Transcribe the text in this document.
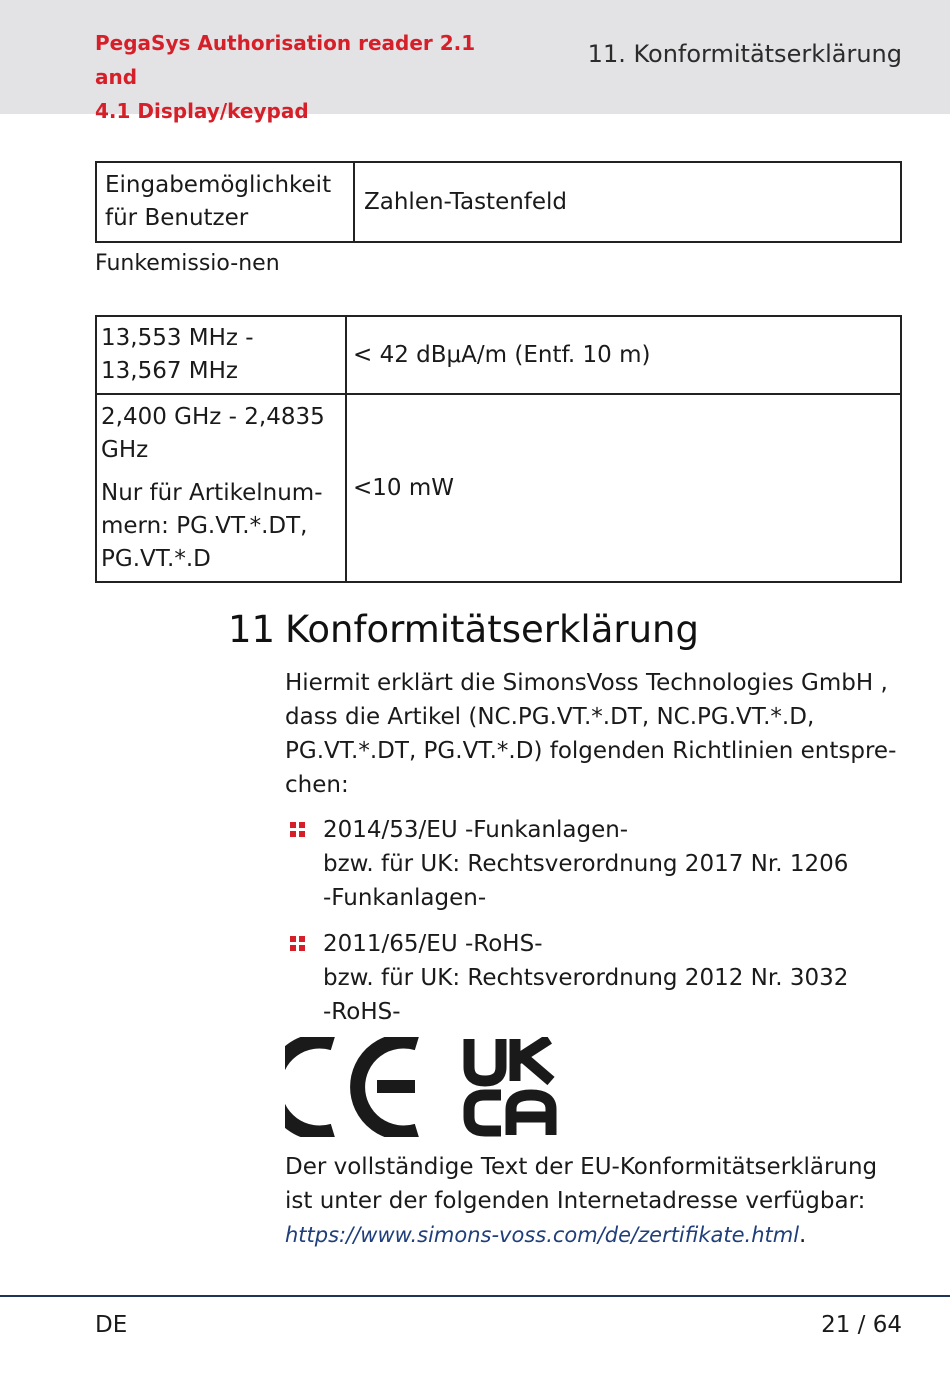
PegaSys Authorisation reader 2.1 and
4.1 Display/keypad
11. Konformitätserklärung
Eingabemöglichkeit für Benutzer	Zahlen-Tastenfeld
Funkemissio-nen
13,553 MHz - 13,567 MHz	< 42 dBμA/m (Entf. 10 m)

2,400 GHz - 2,4835 GHz

Nur für Artikelnum-mern: PG.VT.*.DT, PG.VT.*.D	<10 mW
11 Konformitätserklärung

Hiermit erklärt die SimonsVoss Technologies GmbH , dass die Artikel (NC.PG.VT.*.DT, NC.PG.VT.*.D, PG.VT.*.DT, PG.VT.*.D) folgenden Richtlinien entspre-chen:

2014/53/EU -Funkanlagen-
bzw. für UK: Rechtsverordnung 2017 Nr. 1206
-Funkanlagen-
2011/65/EU -RoHS-
bzw. für UK: Rechtsverordnung 2012 Nr. 3032
-RoHS-

Der vollständige Text der EU-Konformitätserklärung ist unter der folgenden Internetadresse verfügbar: https://www.simons-voss.com/de/zertifikate.html.

DE	21 / 64
